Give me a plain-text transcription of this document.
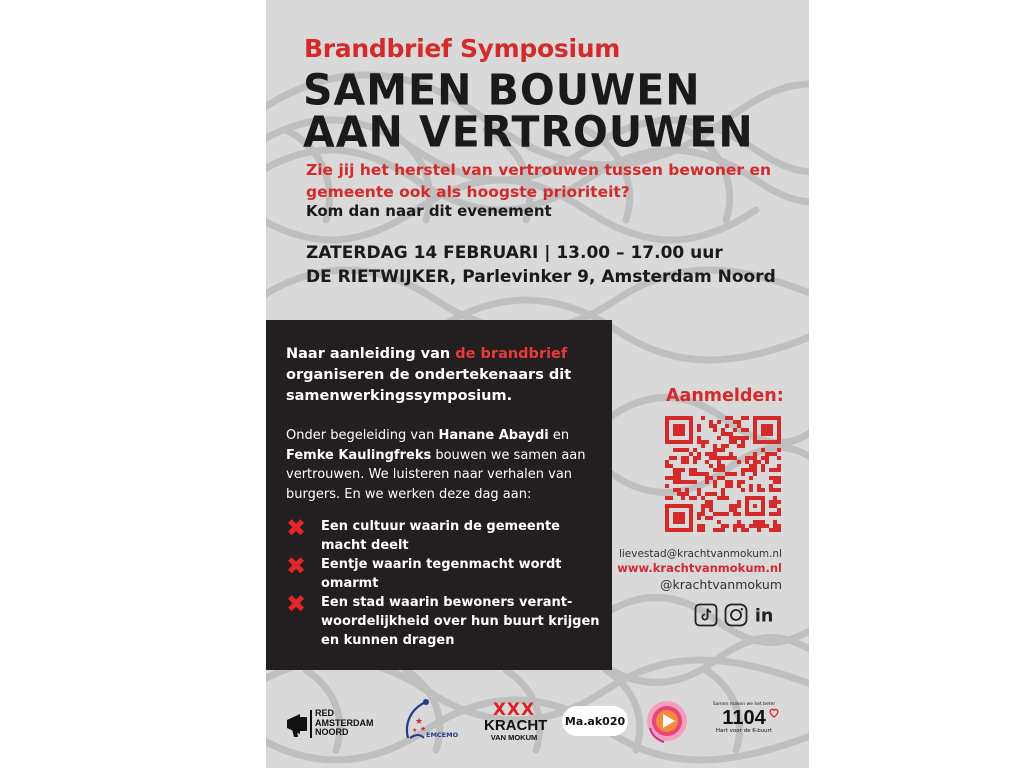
Brandbrief Symposium
SAMEN BOUWEN
AAN VERTROUWEN
Zie jij het herstel van vertrouwen tussen bewoner en
gemeente ook als hoogste prioriteit?
Kom dan naar dit evenement
ZATERDAG 14 FEBRUARI | 13.00 – 17.00 uur
DE RIETWIJKER, Parlevinker 9, Amsterdam Noord
Naar aanleiding van de brandbrief organiseren de ondertekenaars dit samenwerkingssymposium.
Onder begeleiding van Hanane Abaydi en Femke Kaulingfreks bouwen we samen aan vertrouwen. We luisteren naar verhalen van burgers. En we werken deze dag aan:
✖ Een cultuur waarin de gemeente macht deelt
✖ Eentje waarin tegenmacht wordt omarmt
✖ Een stad waarin bewoners verant-woordelijkheid over hun buurt krijgen en kunnen dragen
Aanmelden:
lievestad@krachtvanmokum.nl
www.krachtvanmokum.nl
@krachtvanmokum
in
RED
AMSTERDAM
NOORD
★
★
★
EMCEMO
XXX
KRACHT
VAN MOKUM
Ma.ak020
Samen maken we het beter
1104
Hart voor de K-buurt
